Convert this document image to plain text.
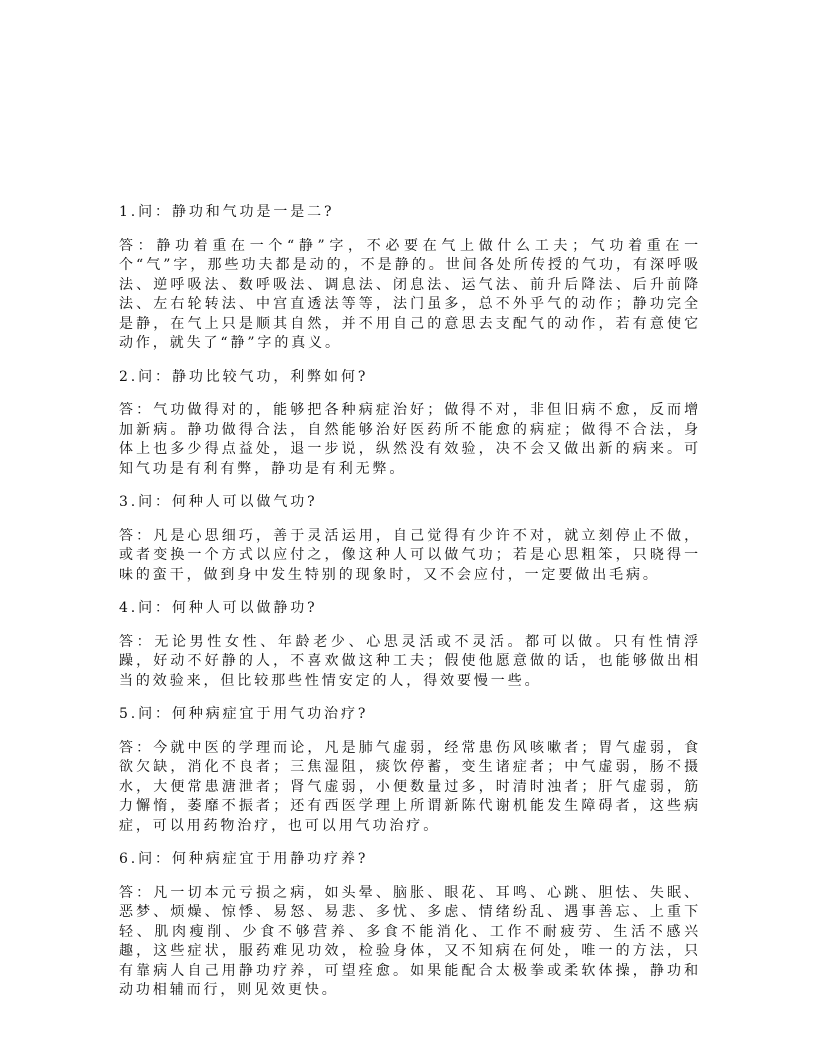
1.问：静功和气功是一是二?

答：静功着重在一个“静”字，不必要在气上做什么工夫；气功着重在一个“气”字，那些功夫都是动的，不是静的。世间各处所传授的气功，有深呼吸法、逆呼吸法、数呼吸法、调息法、闭息法、运气法、前升后降法、后升前降法、左右轮转法、中宫直透法等等，法门虽多，总不外乎气的动作；静功完全是静，在气上只是顺其自然，并不用自己的意思去支配气的动作，若有意使它动作，就失了“静”字的真义。

2.问：静功比较气功，利弊如何?

答：气功做得对的，能够把各种病症治好；做得不对，非但旧病不愈，反而增加新病。静功做得合法，自然能够治好医药所不能愈的病症；做得不合法，身体上也多少得点益处，退一步说，纵然没有效验，决不会又做出新的病来。可知气功是有利有弊，静功是有利无弊。

3.问：何种人可以做气功?

答：凡是心思细巧，善于灵活运用，自己觉得有少许不对，就立刻停止不做，或者变换一个方式以应付之，像这种人可以做气功；若是心思粗笨，只晓得一味的蛮干，做到身中发生特别的现象时，又不会应付，一定要做出毛病。

4.问：何种人可以做静功?

答：无论男性女性、年龄老少、心思灵活或不灵活。都可以做。只有性情浮躁，好动不好静的人，不喜欢做这种工夫；假使他愿意做的话，也能够做出相当的效验来，但比较那些性情安定的人，得效要慢一些。

5.问：何种病症宜于用气功治疗?

答：今就中医的学理而论，凡是肺气虚弱，经常患伤风咳嗽者；胃气虚弱，食欲欠缺，消化不良者；三焦湿阻，痰饮停蓄，变生诸症者；中气虚弱，肠不摄水，大便常患溏泄者；肾气虚弱，小便数量过多，时清时浊者；肝气虚弱，筋力懈惰，萎靡不振者；还有西医学理上所谓新陈代谢机能发生障碍者，这些病症，可以用药物治疗，也可以用气功治疗。

6.问：何种病症宜于用静功疗养?

答：凡一切本元亏损之病，如头晕、脑胀、眼花、耳鸣、心跳、胆怯、失眠、恶梦、烦燥、惊悸、易怒、易悲、多忧、多虑、情绪纷乱、遇事善忘、上重下轻、肌肉瘦削、少食不够营养、多食不能消化、工作不耐疲劳、生活不感兴趣，这些症状，服药难见功效，检验身体，又不知病在何处，唯一的方法，只有靠病人自己用静功疗养，可望痊愈。如果能配合太极拳或柔软体操，静功和动功相辅而行，则见效更快。
